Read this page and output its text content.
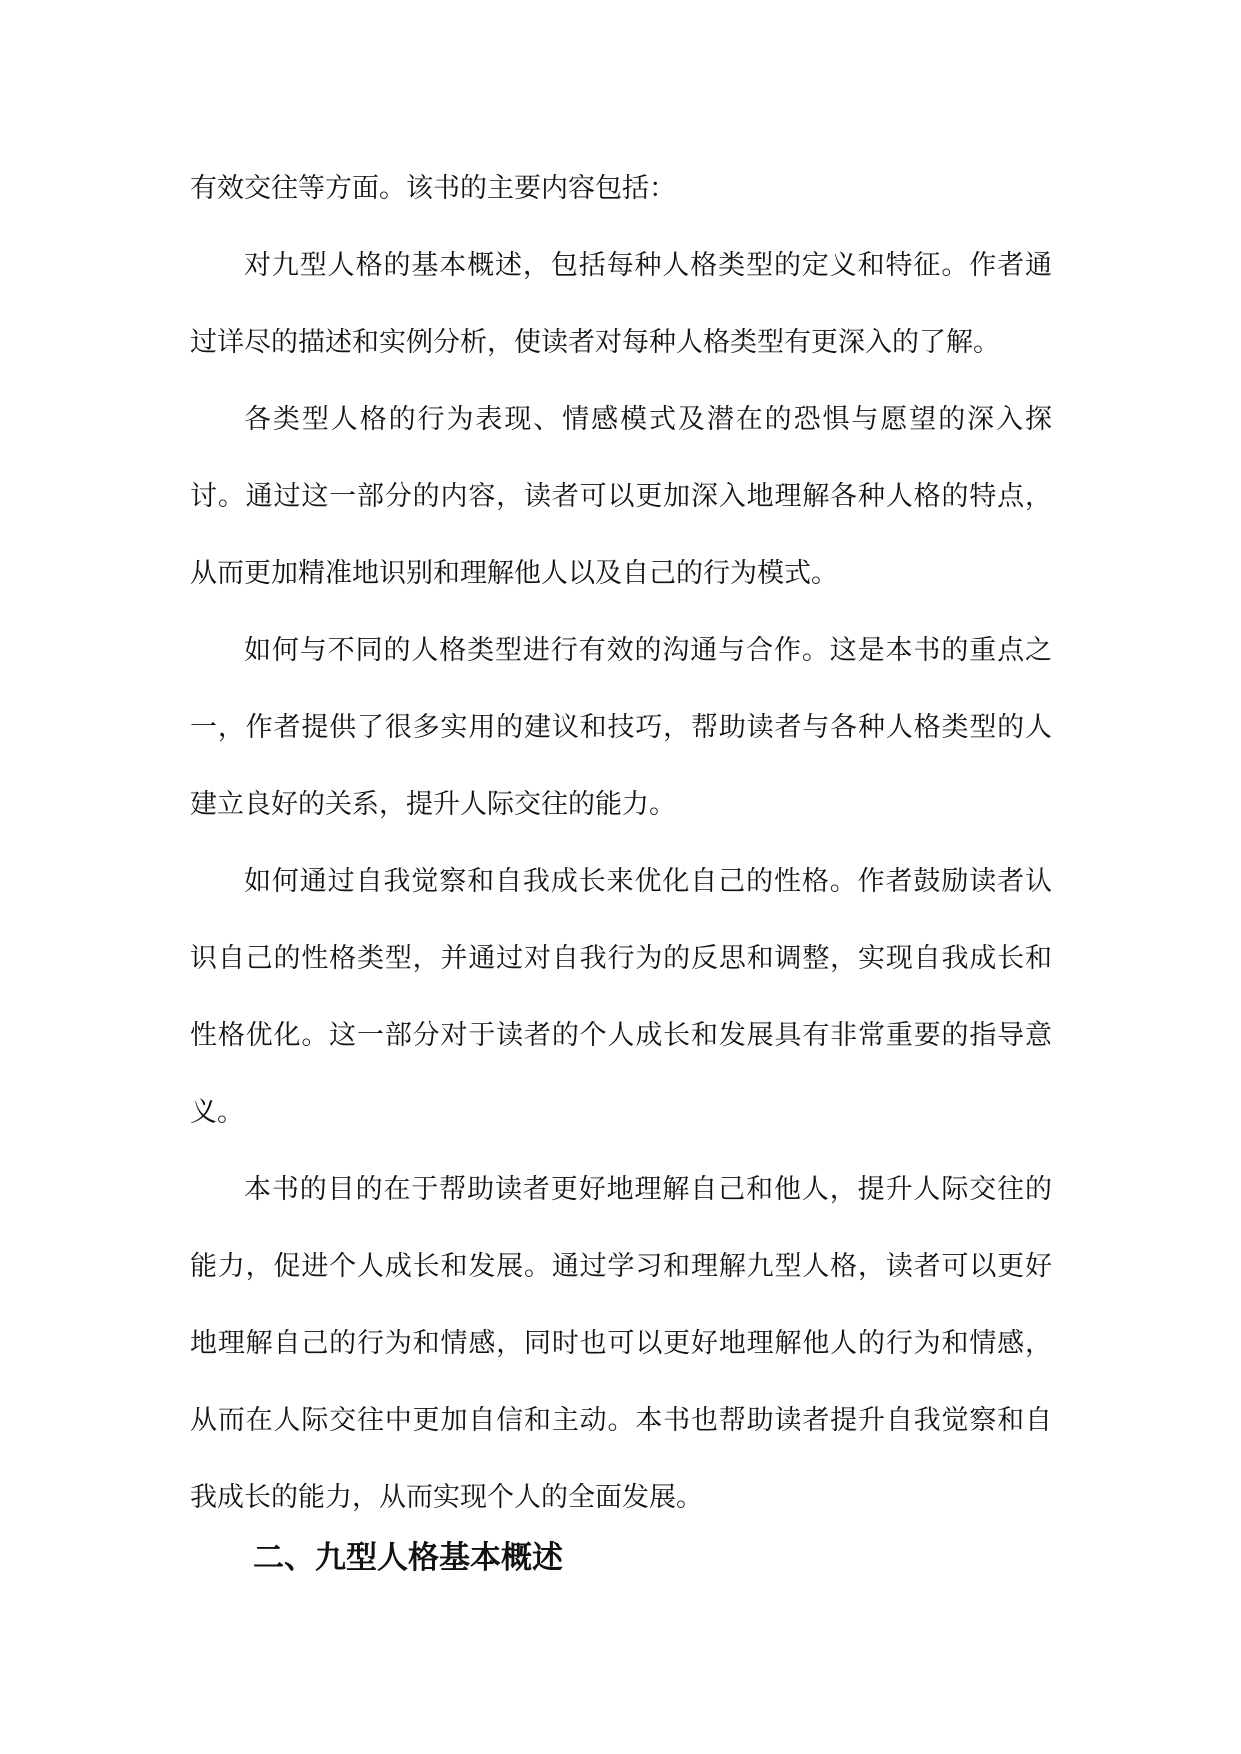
有效交往等方面。该书的主要内容包括：

对九型人格的基本概述，包括每种人格类型的定义和特征。作者通过详尽的描述和实例分析，使读者对每种人格类型有更深入的了解。

各类型人格的行为表现、情感模式及潜在的恐惧与愿望的深入探讨。通过这一部分的内容，读者可以更加深入地理解各种人格的特点，从而更加精准地识别和理解他人以及自己的行为模式。

如何与不同的人格类型进行有效的沟通与合作。这是本书的重点之一，作者提供了很多实用的建议和技巧，帮助读者与各种人格类型的人建立良好的关系，提升人际交往的能力。

如何通过自我觉察和自我成长来优化自己的性格。作者鼓励读者认识自己的性格类型，并通过对自我行为的反思和调整，实现自我成长和性格优化。这一部分对于读者的个人成长和发展具有非常重要的指导意义。

本书的目的在于帮助读者更好地理解自己和他人，提升人际交往的能力，促进个人成长和发展。通过学习和理解九型人格，读者可以更好地理解自己的行为和情感，同时也可以更好地理解他人的行为和情感，从而在人际交往中更加自信和主动。本书也帮助读者提升自我觉察和自我成长的能力，从而实现个人的全面发展。

二、九型人格基本概述
